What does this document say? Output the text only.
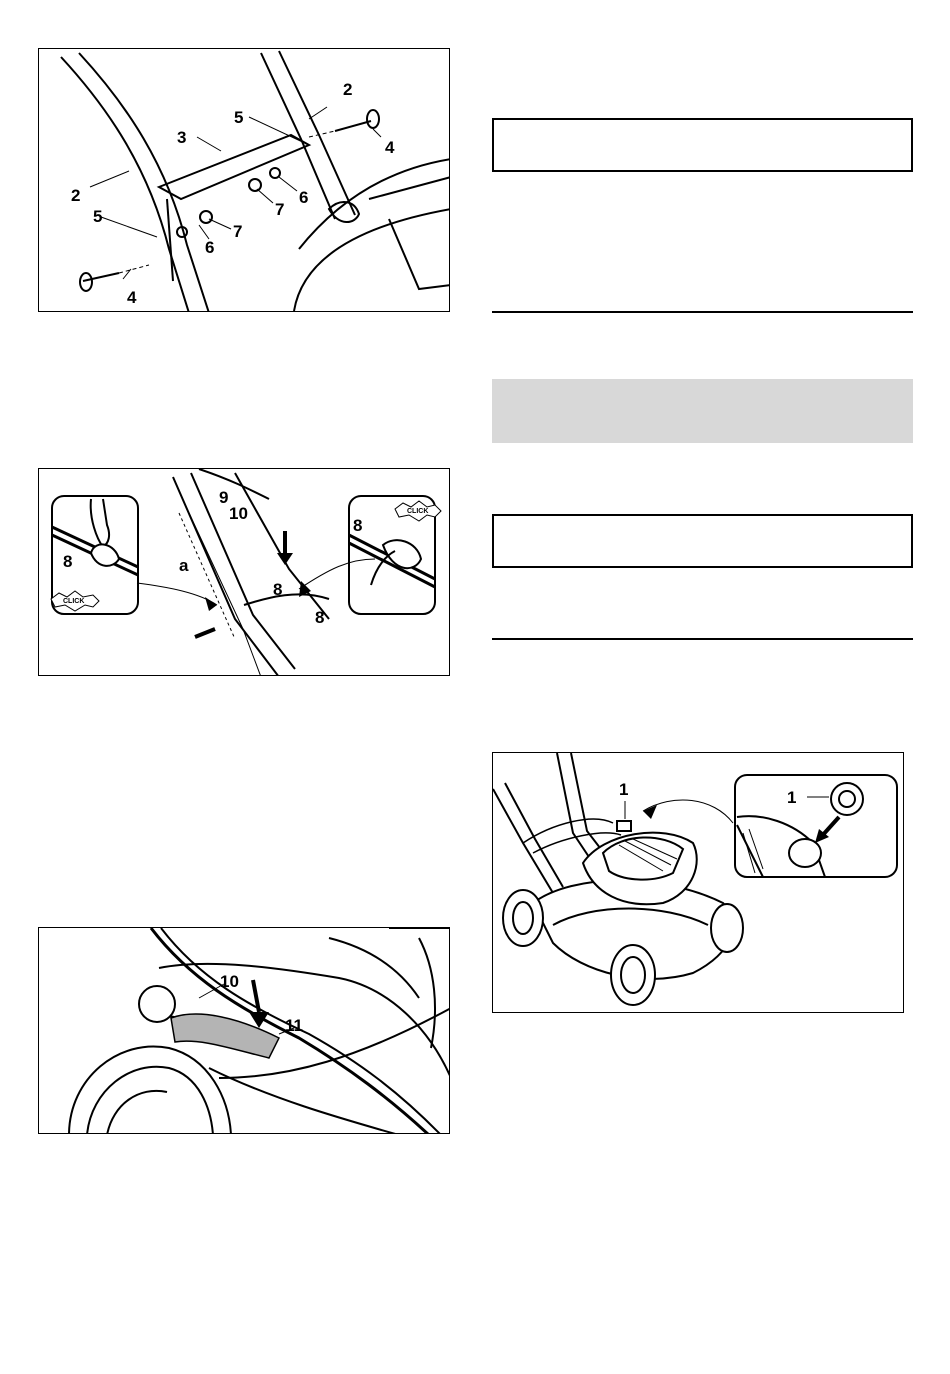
2
2
3
4
4
5
5
6
6
7
7
CLICK
CLICK
9
10
a
8
8
8
8
10
11
1	1
